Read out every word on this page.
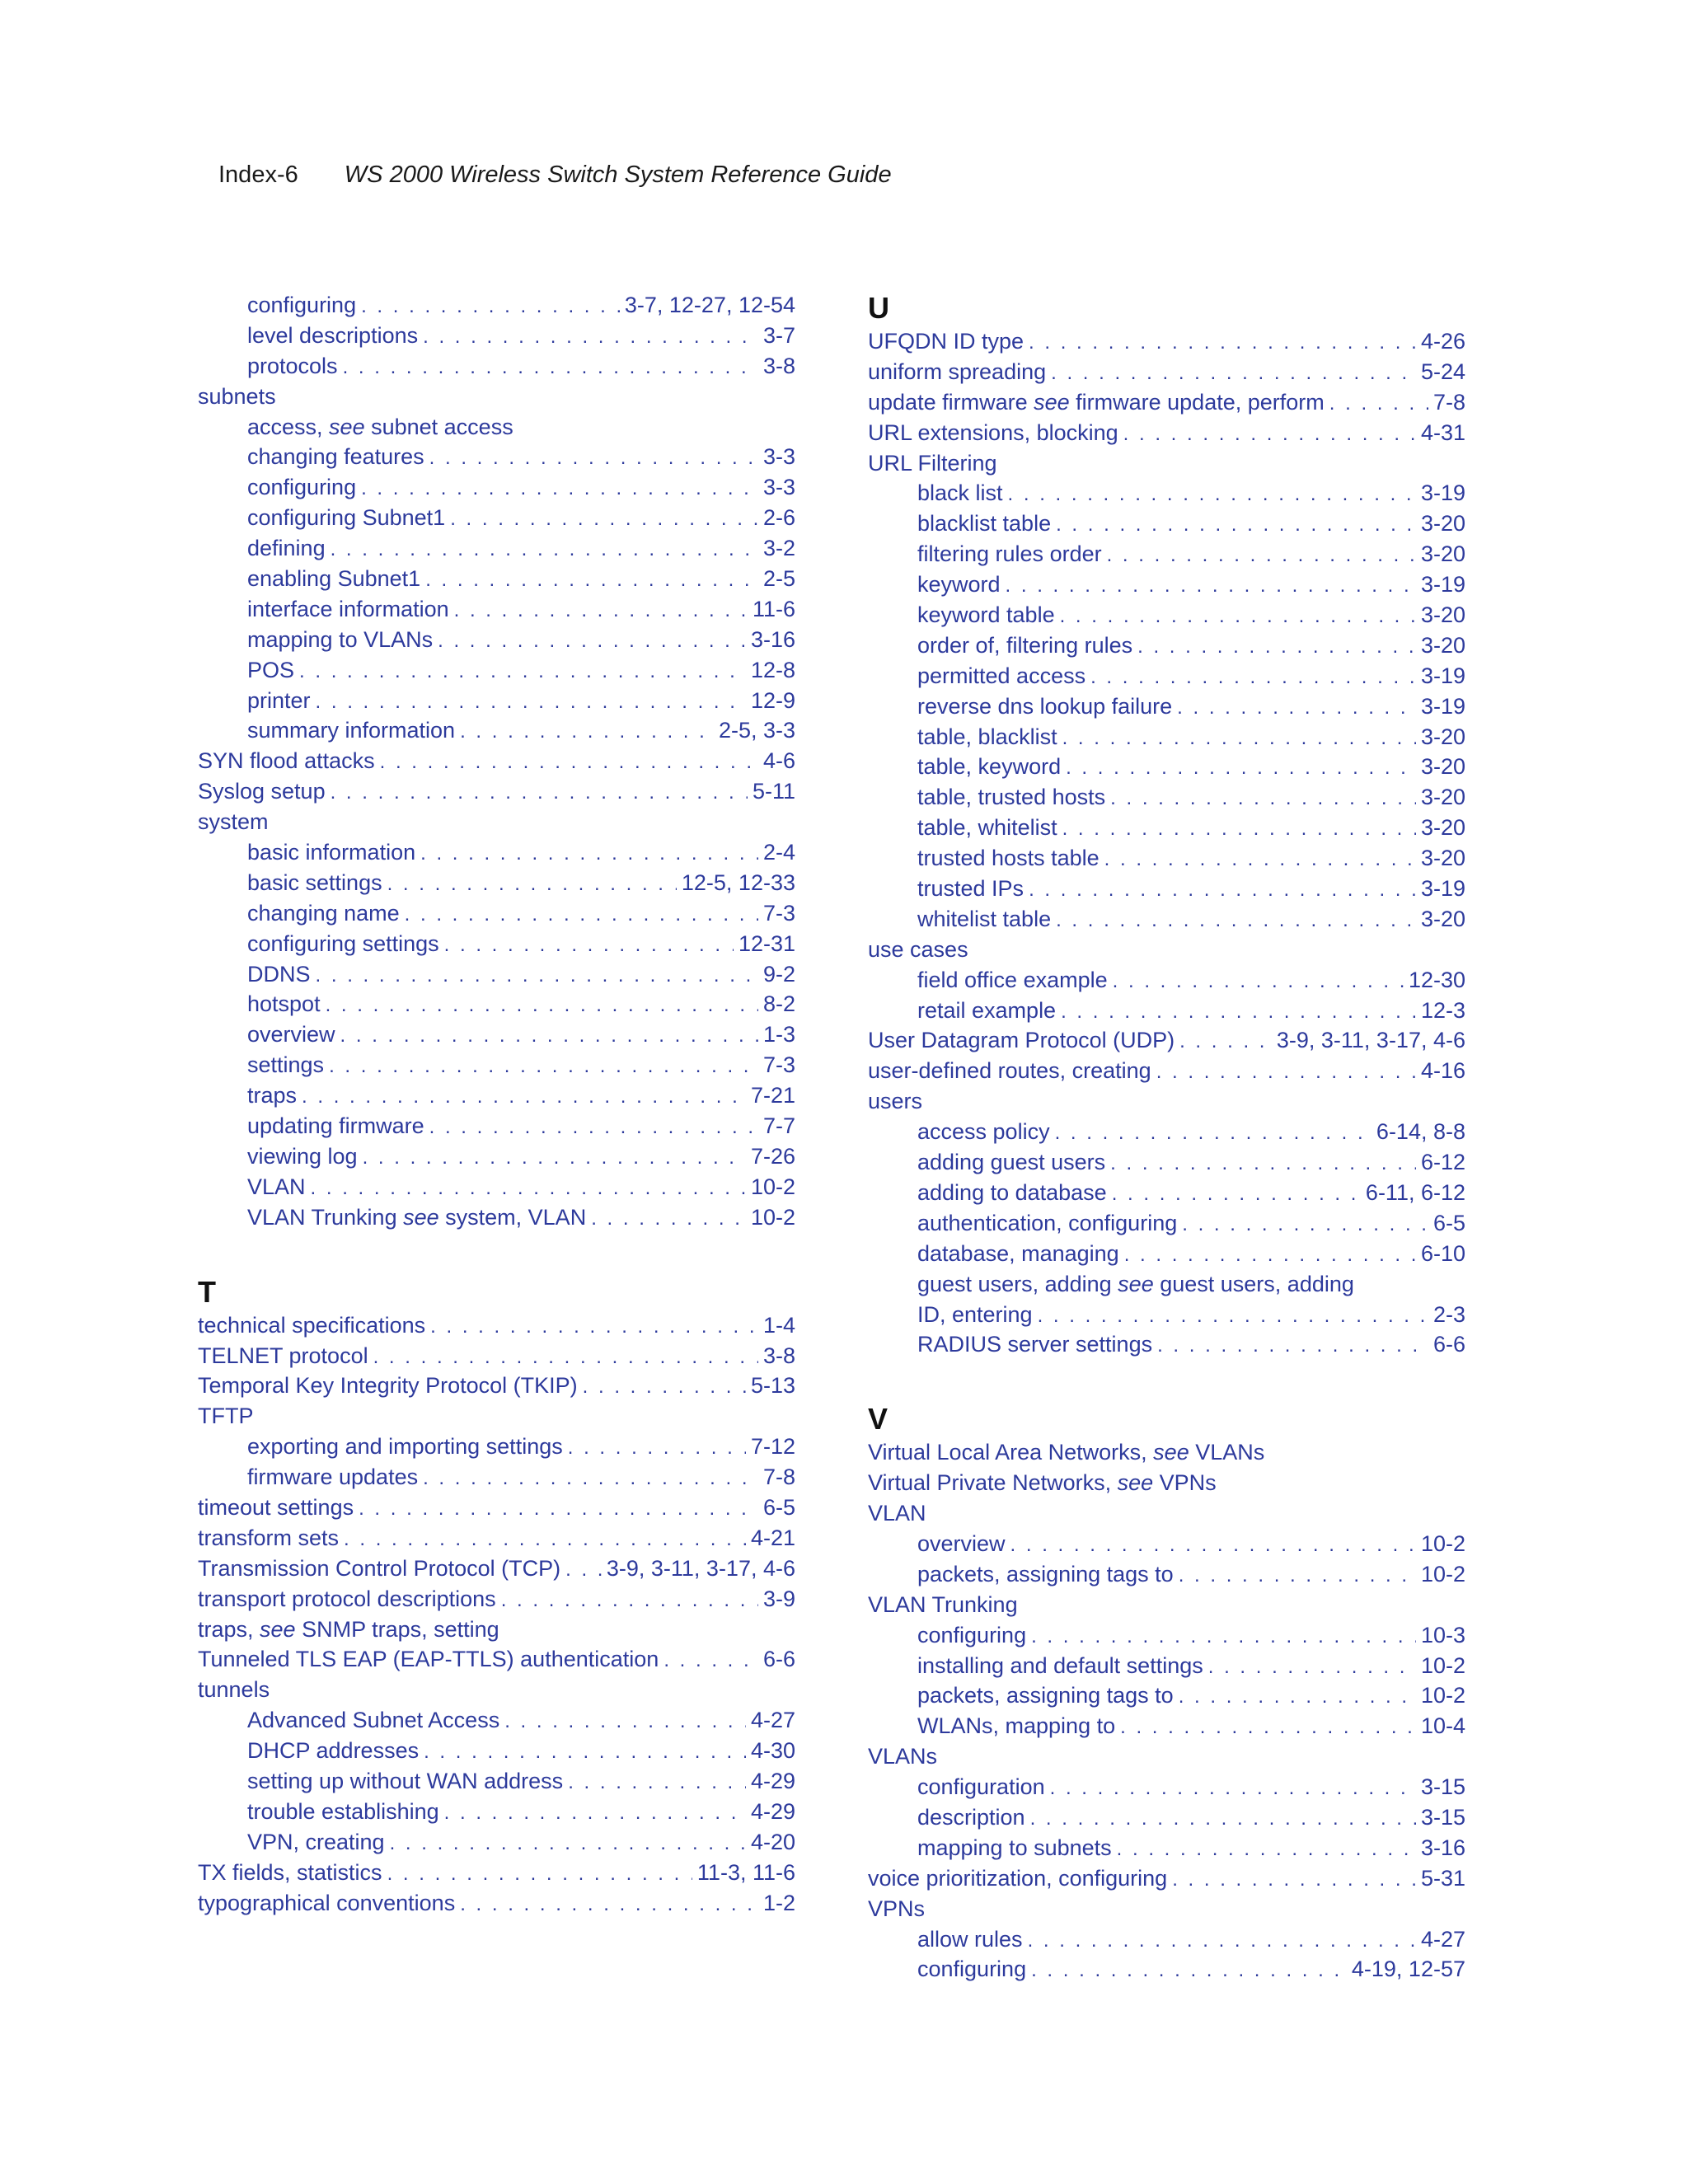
Index-6 WS 2000 Wireless Switch System Reference Guide
configuring . . .	3-7, 12-27, 12-54
level descriptions . . .	3-7
protocols . . .	3-8
subnets
access, see subnet access
changing features . . .	3-3
configuring . . .	3-3
configuring Subnet1 . . .	2-6
defining . . .	3-2
enabling Subnet1 . . .	2-5
interface information . . .	11-6
mapping to VLANs . . .	3-16
POS . . .	12-8
printer . . .	12-9
summary information . . .	2-5, 3-3
SYN flood attacks . . .	4-6
Syslog setup . . .	5-11
system
basic information . . .	2-4
basic settings . . .	12-5, 12-33
changing name . . .	7-3
configuring settings . . .	12-31
DDNS . . .	9-2
hotspot . . .	8-2
overview . . .	1-3
settings . . .	7-3
traps . . .	7-21
updating firmware . . .	7-7
viewing log . . .	7-26
VLAN . . .	10-2
VLAN Trunking see system, VLAN . . .	10-2
T
technical specifications . . .	1-4
TELNET protocol . . .	3-8
Temporal Key Integrity Protocol (TKIP) . . .	5-13
TFTP
exporting and importing settings . . .	7-12
firmware updates . . .	7-8
timeout settings . . .	6-5
transform sets . . .	4-21
Transmission Control Protocol (TCP) . . . 3-9, 3-11, 3-17, 4-6
transport protocol descriptions . . .	3-9
traps, see SNMP traps, setting
Tunneled TLS EAP (EAP-TTLS) authentication . . .	6-6
tunnels
Advanced Subnet Access . . .	4-27
DHCP addresses . . .	4-30
setting up without WAN address . . .	4-29
trouble establishing . . .	4-29
VPN, creating . . .	4-20
TX fields, statistics . . .	11-3, 11-6
typographical conventions . . .	1-2
U
UFQDN ID type . . .	4-26
uniform spreading . . .	5-24
update firmware see firmware update, perform . . .	7-8
URL extensions, blocking . . .	4-31
URL Filtering
black list . . .	3-19
blacklist table . . .	3-20
filtering rules order . . .	3-20
keyword . . .	3-19
keyword table . . .	3-20
order of, filtering rules . . .	3-20
permitted access . . .	3-19
reverse dns lookup failure . . .	3-19
table, blacklist . . .	3-20
table, keyword . . .	3-20
table, trusted hosts . . .	3-20
table, whitelist . . .	3-20
trusted hosts table . . .	3-20
trusted IPs . . .	3-19
whitelist table . . .	3-20
use cases
field office example . . .	12-30
retail example . . .	12-3
User Datagram Protocol (UDP) . . .	3-9, 3-11, 3-17, 4-6
user-defined routes, creating . . .	4-16
users
access policy . . .	6-14, 8-8
adding guest users . . .	6-12
adding to database . . .	6-11, 6-12
authentication, configuring . . .	6-5
database, managing . . .	6-10
guest users, adding see guest users, adding
ID, entering . . .	2-3
RADIUS server settings . . .	6-6
V
Virtual Local Area Networks, see VLANs
Virtual Private Networks, see VPNs
VLAN
overview . . .	10-2
packets, assigning tags to . . .	10-2
VLAN Trunking
configuring . . .	10-3
installing and default settings . . .	10-2
packets, assigning tags to . . .	10-2
WLANs, mapping to . . .	10-4
VLANs
configuration . . .	3-15
description . . .	3-15
mapping to subnets . . .	3-16
voice prioritization, configuring . . .	5-31
VPNs
allow rules . . .	4-27
configuring . . .	4-19, 12-57
